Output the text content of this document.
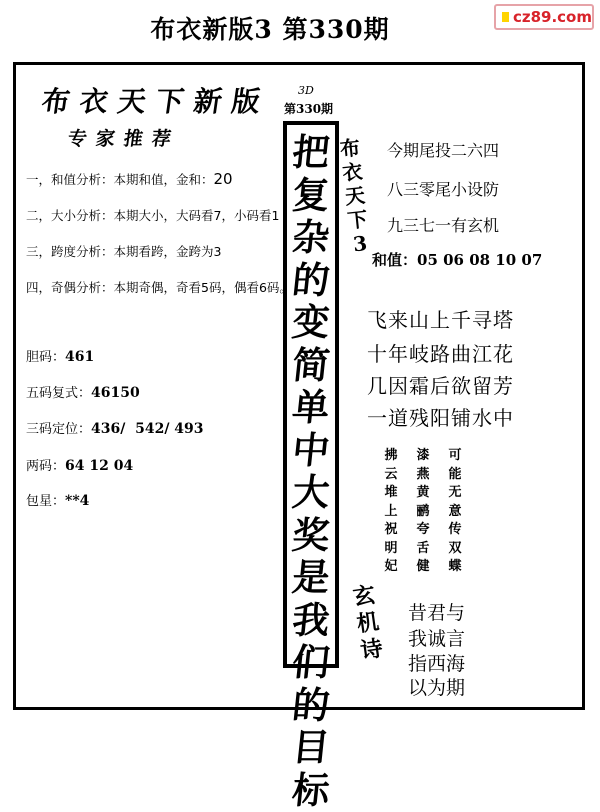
布衣新版3 第330期	cz89.com
布衣天下新版
专家推荐
一，和值分析：本期和值，金和：20
二，大小分析：本期大小，大码看7，小码看1
三，跨度分析：本期看跨，金跨为3
四，奇偶分析：本期奇偶，奇看5码，偶看6码。
胆码：461
五码复式：46150
三码定位：436/  542/ 493
两码：64 12 04
包星：**4
3D
第330期
把
复
杂
的
变
简
单
中
大
奖
是
我
们
的
目
标
布
衣
天
下
3
今期尾投二六四
八三零尾小设防
九三七一有玄机
和值：05 06 08 10 07
飞来山上千寻塔
十年岐路曲江花
几因霜后欲留芳
一道残阳铺水中
拂
云
堆
上
祝
明
妃
漆
燕
黄
鹂
夸
舌
健
可
能
无
意
传
双
蝶
玄
机
诗
昔君与
我诚言
指西海
以为期
